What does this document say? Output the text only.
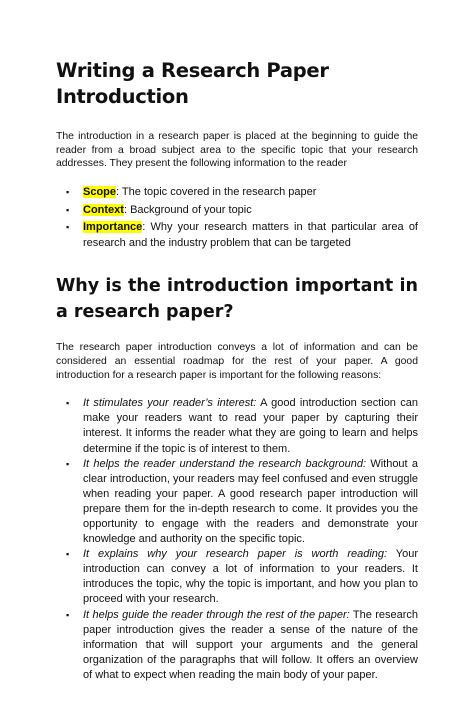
Writing a Research Paper Introduction

The introduction in a research paper is placed at the beginning to guide the reader from a broad subject area to the specific topic that your research addresses. They present the following information to the reader

▪ Scope: The topic covered in the research paper
▪ Context: Background of your topic
▪ Importance: Why your research matters in that particular area of research and the industry problem that can be targeted
Why is the introduction important in a research paper?

The research paper introduction conveys a lot of information and can be considered an essential roadmap for the rest of your paper. A good introduction for a research paper is important for the following reasons:

▪ It stimulates your reader’s interest: A good introduction section can make your readers want to read your paper by capturing their interest. It informs the reader what they are going to learn and helps determine if the topic is of interest to them.
▪ It helps the reader understand the research background: Without a clear introduction, your readers may feel confused and even struggle when reading your paper. A good research paper introduction will prepare them for the in-depth research to come. It provides you the opportunity to engage with the readers and demonstrate your knowledge and authority on the specific topic.
▪ It explains why your research paper is worth reading: Your introduction can convey a lot of information to your readers. It introduces the topic, why the topic is important, and how you plan to proceed with your research.
▪ It helps guide the reader through the rest of the paper: The research paper introduction gives the reader a sense of the nature of the information that will support your arguments and the general organization of the paragraphs that will follow. It offers an overview of what to expect when reading the main body of your paper.
